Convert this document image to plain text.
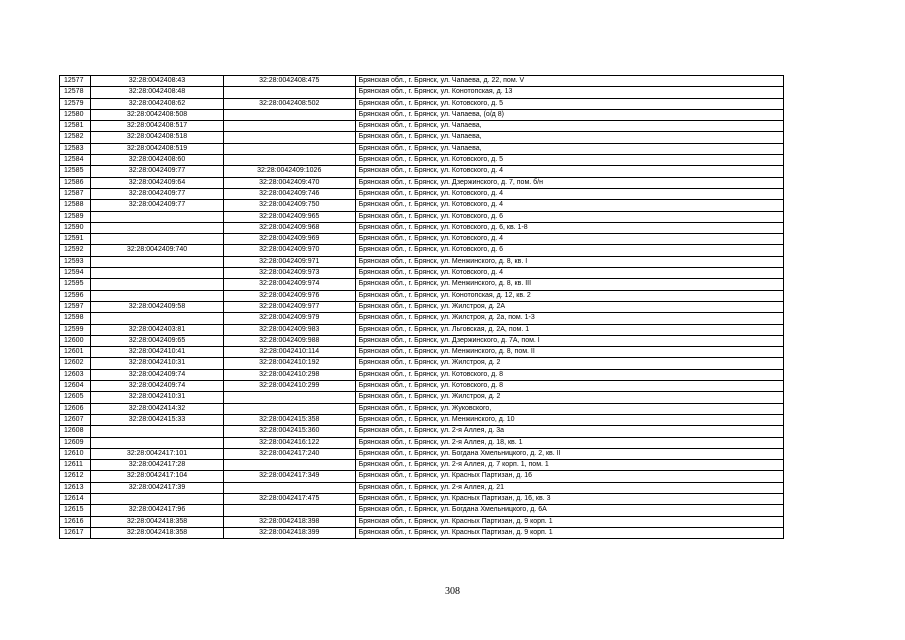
12577	32:28:0042408:43	32:28:0042408:475	Брянская обл., г. Брянск, ул. Чапаева, д. 22, пом. V
12578	32:28:0042408:48		Брянская обл., г. Брянск, ул. Конотопская, д. 13
12579	32:28:0042408:62	32:28:0042408:502	Брянская обл., г. Брянск, ул. Котовского, д. 5
12580	32:28:0042408:508		Брянская обл., г. Брянск, ул. Чапаева, (о/д 8)
12581	32:28:0042408:517		Брянская обл., г. Брянск, ул. Чапаева,
12582	32:28:0042408:518		Брянская обл., г. Брянск, ул. Чапаева,
12583	32:28:0042408:519		Брянская обл., г. Брянск, ул. Чапаева,
12584	32:28:0042408:60		Брянская обл., г. Брянск, ул. Котовского, д. 5
12585	32:28:0042409:77	32:28:0042409:1026	Брянская обл., г. Брянск, ул. Котовского, д. 4
12586	32:28:0042409:64	32:28:0042409:470	Брянская обл., г. Брянск, ул. Дзержинского, д. 7, пом. б/н
12587	32:28:0042409:77	32:28:0042409:746	Брянская обл., г. Брянск, ул. Котовского, д. 4
12588	32:28:0042409:77	32:28:0042409:750	Брянская обл., г. Брянск, ул. Котовского, д. 4
12589		32:28:0042409:965	Брянская обл., г. Брянск, ул. Котовского, д. 6
12590		32:28:0042409:968	Брянская обл., г. Брянск, ул. Котовского, д. 6, кв. 1-8
12591		32:28:0042409:969	Брянская обл., г. Брянск, ул. Котовского, д. 4
12592	32:28:0042409:740	32:28:0042409:970	Брянская обл., г. Брянск, ул. Котовского, д. 6
12593		32:28:0042409:971	Брянская обл., г. Брянск, ул. Менжинского, д. 8, кв. I
12594		32:28:0042409:973	Брянская обл., г. Брянск, ул. Котовского, д. 4
12595		32:28:0042409:974	Брянская обл., г. Брянск, ул. Менжинского, д. 8, кв. III
12596		32:28:0042409:976	Брянская обл., г. Брянск, ул. Конотопская, д. 12, кв. 2
12597	32:28:0042409:58	32:28:0042409:977	Брянская обл., г. Брянск, ул. Жилстроя, д. 2А
12598		32:28:0042409:979	Брянская обл., г. Брянск, ул. Жилстроя, д. 2а, пом. 1-3
12599	32:28:0042403:81	32:28:0042409:983	Брянская обл., г. Брянск, ул. Льговская, д. 2А, пом. 1
12600	32:28:0042409:65	32:28:0042409:988	Брянская обл., г. Брянск, ул. Дзержинского, д. 7А, пом. I
12601	32:28:0042410:41	32:28:0042410:114	Брянская обл., г. Брянск, ул. Менжинского, д. 8, пом. II
12602	32:28:0042410:31	32:28:0042410:192	Брянская обл., г. Брянск, ул. Жилстроя, д. 2
12603	32:28:0042409:74	32:28:0042410:298	Брянская обл., г. Брянск, ул. Котовского, д. 8
12604	32:28:0042409:74	32:28:0042410:299	Брянская обл., г. Брянск, ул. Котовского, д. 8
12605	32:28:0042410:31		Брянская обл., г. Брянск, ул. Жилстроя, д. 2
12606	32:28:0042414:32		Брянская обл., г. Брянск, ул. Жуковского,
12607	32:28:0042415:33	32:28:0042415:358	Брянская обл., г. Брянск, ул. Менжинского, д. 10
12608		32:28:0042415:360	Брянская обл., г. Брянск, ул. 2-я Аллея, д. 3а
12609		32:28:0042416:122	Брянская обл., г. Брянск, ул. 2-я Аллея, д. 18, кв. 1
12610	32:28:0042417:101	32:28:0042417:240	Брянская обл., г. Брянск, ул. Богдана Хмельницкого, д. 2, кв. II
12611	32:28:0042417:28		Брянская обл., г. Брянск, ул. 2-я Аллея, д. 7 корп. 1, пом. 1
12612	32:28:0042417:104	32:28:0042417:349	Брянская обл., г. Брянск, ул. Красных Партизан, д. 16
12613	32:28:0042417:39		Брянская обл., г. Брянск, ул. 2-я Аллея, д. 21
12614		32:28:0042417:475	Брянская обл., г. Брянск, ул. Красных Партизан, д. 16, кв. 3
12615	32:28:0042417:96		Брянская обл., г. Брянск, ул. Богдана Хмельницкого, д. 6А
12616	32:28:0042418:358	32:28:0042418:398	Брянская обл., г. Брянск, ул. Красных Партизан, д. 9 корп. 1
12617	32:28:0042418:358	32:28:0042418:399	Брянская обл., г. Брянск, ул. Красных Партизан, д. 9 корп. 1
308
